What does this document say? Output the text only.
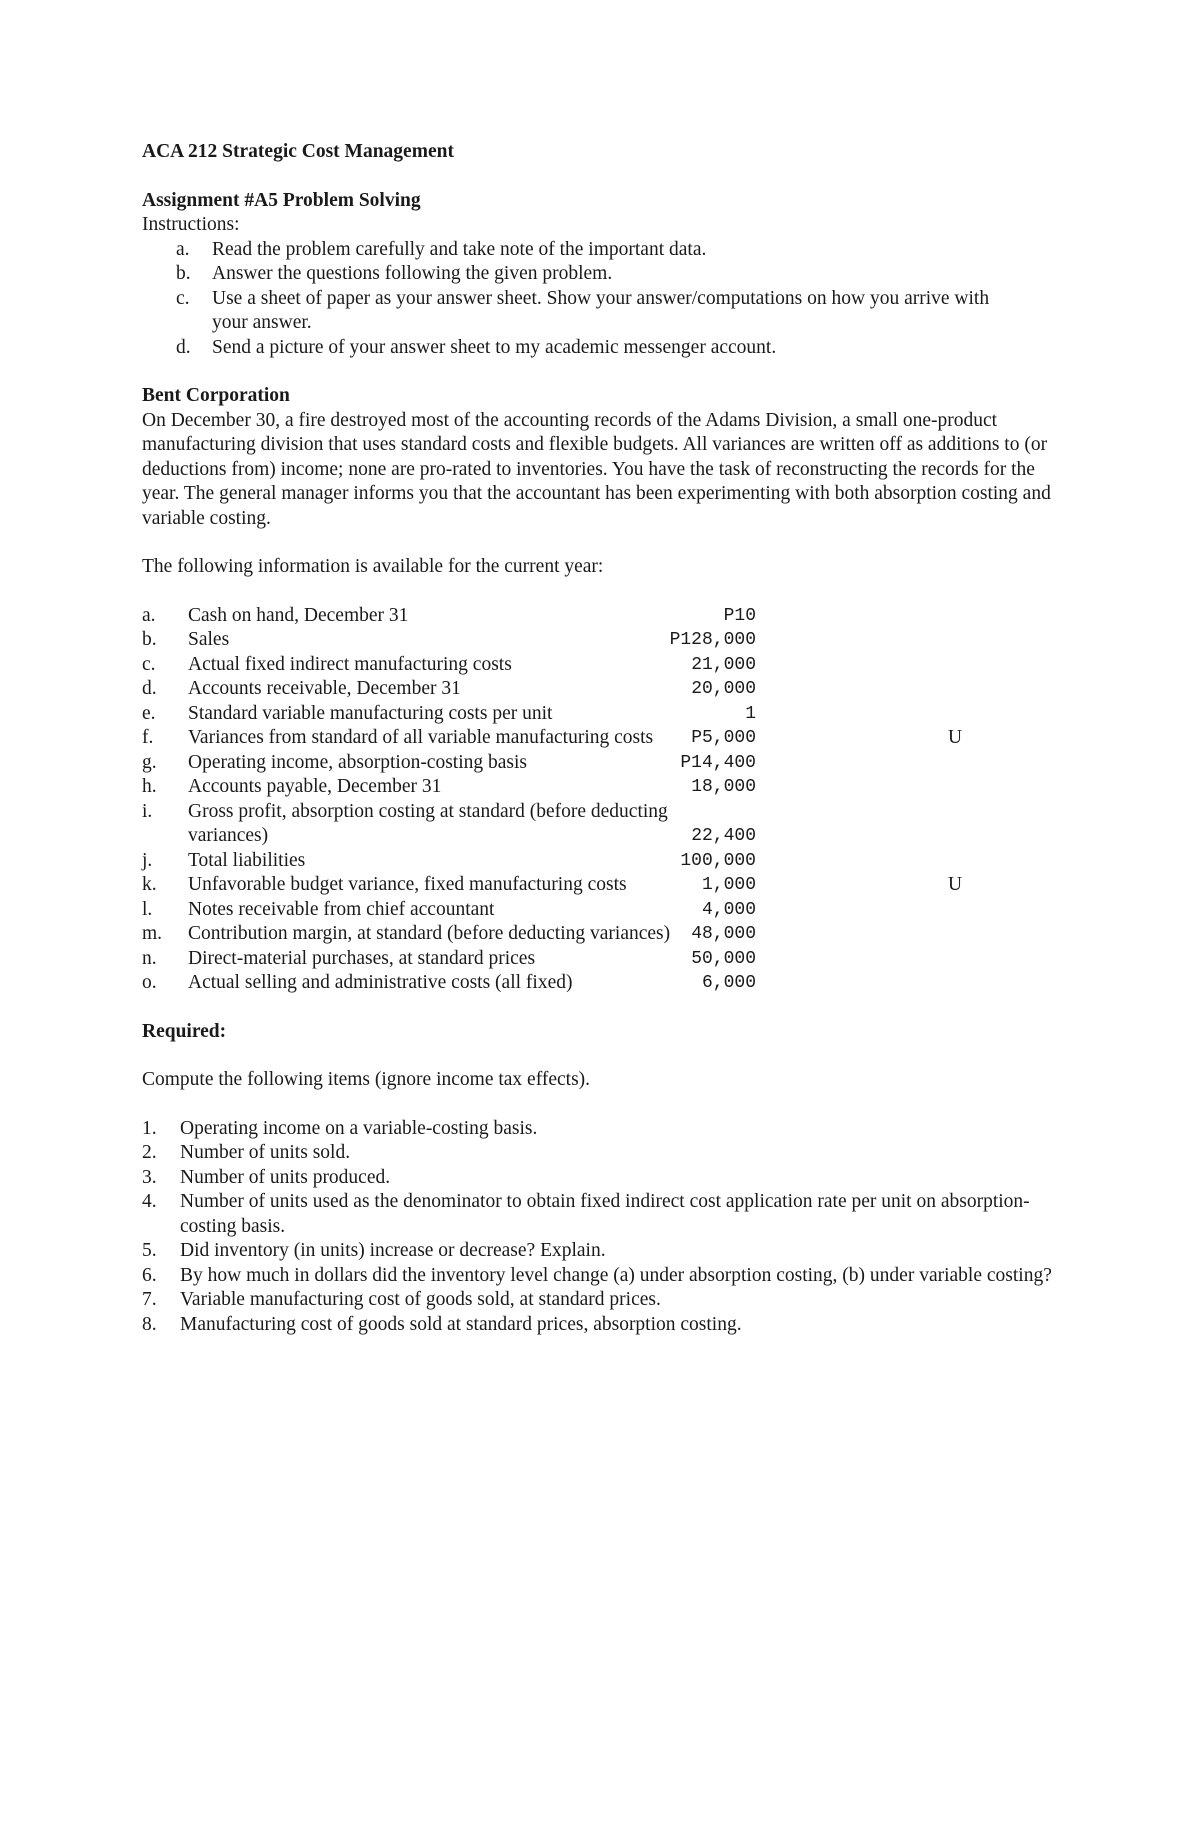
ACA 212 Strategic Cost Management

Assignment #A5 Problem Solving

Instructions:

a. Read the problem carefully and take note of the important data.
b. Answer the questions following the given problem.
c. Use a sheet of paper as your answer sheet. Show your answer/computations on how you arrive with your answer.
d. Send a picture of your answer sheet to my academic messenger account.

Bent Corporation

On December 30, a fire destroyed most of the accounting records of the Adams Division, a small one-product manufacturing division that uses standard costs and flexible budgets. All variances are written off as additions to (or deductions from) income; none are pro-rated to inventories. You have the task of reconstructing the records for the year. The general manager informs you that the accountant has been experimenting with both absorption costing and variable costing.

The following information is available for the current year:

a. Cash on hand, December 31	P10
b. Sales	P128,000
c. Actual fixed indirect manufacturing costs	21,000
d. Accounts receivable, December 31	20,000
e. Standard variable manufacturing costs per unit	1
f. Variances from standard of all variable manufacturing costs	P5,000	U
g. Operating income, absorption-costing basis	P14,400
h. Accounts payable, December 31	18,000
i. Gross profit, absorption costing at standard (before deducting variances)	22,400
j. Total liabilities	100,000
k. Unfavorable budget variance, fixed manufacturing costs	1,000	U
l. Notes receivable from chief accountant	4,000
m. Contribution margin, at standard (before deducting variances)	48,000
n. Direct-material purchases, at standard prices	50,000
o. Actual selling and administrative costs (all fixed)	6,000

Required:

Compute the following items (ignore income tax effects).

1. Operating income on a variable-costing basis.
2. Number of units sold.
3. Number of units produced.
4. Number of units used as the denominator to obtain fixed indirect cost application rate per unit on absorption-costing basis.
5. Did inventory (in units) increase or decrease? Explain.
6. By how much in dollars did the inventory level change (a) under absorption costing, (b) under variable costing?
7. Variable manufacturing cost of goods sold, at standard prices.
8. Manufacturing cost of goods sold at standard prices, absorption costing.
